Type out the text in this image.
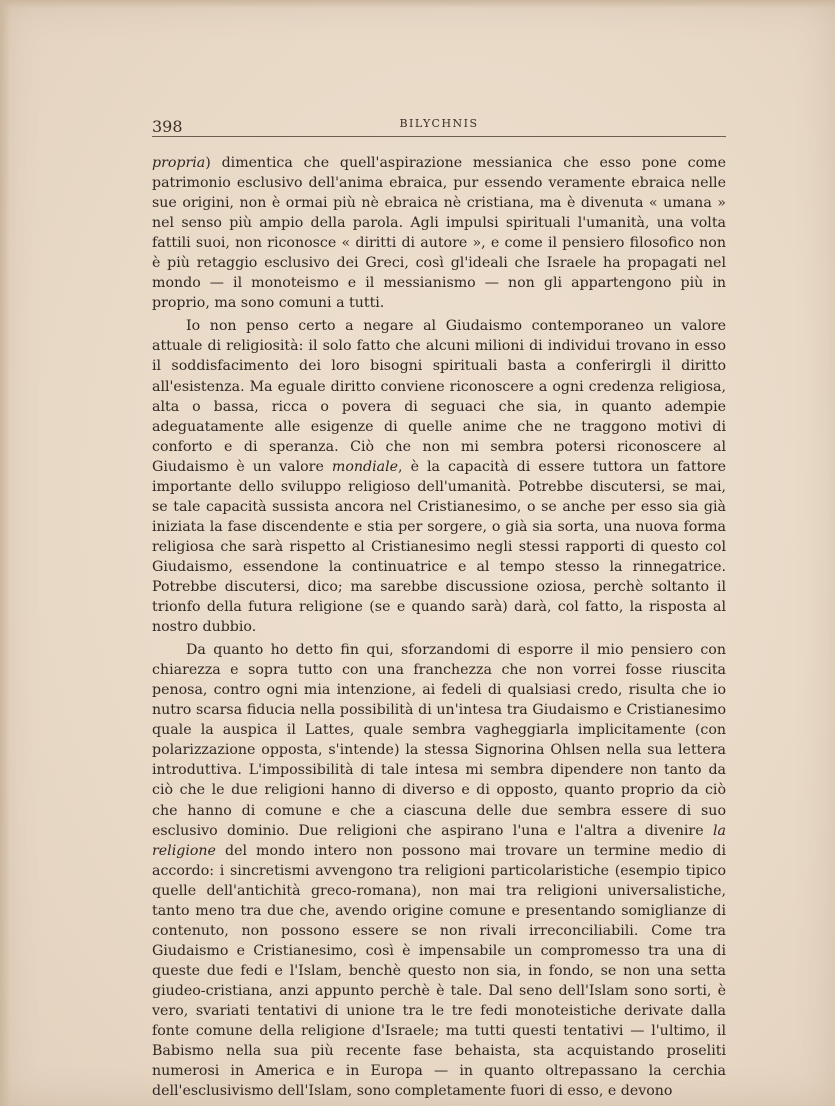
398	BILYCHNIS

propria) dimentica che quell'aspirazione messianica che esso pone come patrimonio esclusivo dell'anima ebraica, pur essendo veramente ebraica nelle sue origini, non è ormai più nè ebraica nè cristiana, ma è divenuta « umana » nel senso più ampio della parola. Agli impulsi spirituali l'umanità, una volta fattili suoi, non riconosce « diritti di autore », e come il pensiero filosofico non è più retaggio esclusivo dei Greci, così gl'ideali che Israele ha propagati nel mondo — il monoteismo e il messianismo — non gli appartengono più in proprio, ma sono comuni a tutti.

Io non penso certo a negare al Giudaismo contemporaneo un valore attuale di religiosità: il solo fatto che alcuni milioni di individui trovano in esso il soddisfacimento dei loro bisogni spirituali basta a conferirgli il diritto all'esistenza. Ma eguale diritto conviene riconoscere a ogni credenza religiosa, alta o bassa, ricca o povera di seguaci che sia, in quanto adempie adeguatamente alle esigenze di quelle anime che ne traggono motivi di conforto e di speranza. Ciò che non mi sembra potersi riconoscere al Giudaismo è un valore mondiale, è la capacità di essere tuttora un fattore importante dello sviluppo religioso dell'umanità. Potrebbe discutersi, se mai, se tale capacità sussista ancora nel Cristianesimo, o se anche per esso sia già iniziata la fase discendente e stia per sorgere, o già sia sorta, una nuova forma religiosa che sarà rispetto al Cristianesimo negli stessi rapporti di questo col Giudaismo, essendone la continuatrice e al tempo stesso la rinnegatrice. Potrebbe discutersi, dico; ma sarebbe discussione oziosa, perchè soltanto il trionfo della futura religione (se e quando sarà) darà, col fatto, la risposta al nostro dubbio.

Da quanto ho detto fin qui, sforzandomi di esporre il mio pensiero con chiarezza e sopra tutto con una franchezza che non vorrei fosse riuscita penosa, contro ogni mia intenzione, ai fedeli di qualsiasi credo, risulta che io nutro scarsa fiducia nella possibilità di un'intesa tra Giudaismo e Cristianesimo quale la auspica il Lattes, quale sembra vagheggiarla implicitamente (con polarizzazione opposta, s'intende) la stessa Signorina Ohlsen nella sua lettera introduttiva. L'impossibilità di tale intesa mi sembra dipendere non tanto da ciò che le due religioni hanno di diverso e di opposto, quanto proprio da ciò che hanno di comune e che a ciascuna delle due sembra essere di suo esclusivo dominio. Due religioni che aspirano l'una e l'altra a divenire la religione del mondo intero non possono mai trovare un termine medio di accordo: i sincretismi avvengono tra religioni particolaristiche (esempio tipico quelle dell'antichità greco-romana), non mai tra religioni universalistiche, tanto meno tra due che, avendo origine comune e presentando somiglianze di contenuto, non possono essere se non rivali irreconciliabili. Come tra Giudaismo e Cristianesimo, così è impensabile un compromesso tra una di queste due fedi e l'Islam, benchè questo non sia, in fondo, se non una setta giudeo-cristiana, anzi appunto perchè è tale. Dal seno dell'Islam sono sorti, è vero, svariati tentativi di unione tra le tre fedi monoteistiche derivate dalla fonte comune della religione d'Israele; ma tutti questi tentativi — l'ultimo, il Babismo nella sua più recente fase behaista, sta acquistando proseliti numerosi in America e in Europa — in quanto oltrepassano la cerchia dell'esclusivismo dell'Islam, sono completamente fuori di esso, e devono
